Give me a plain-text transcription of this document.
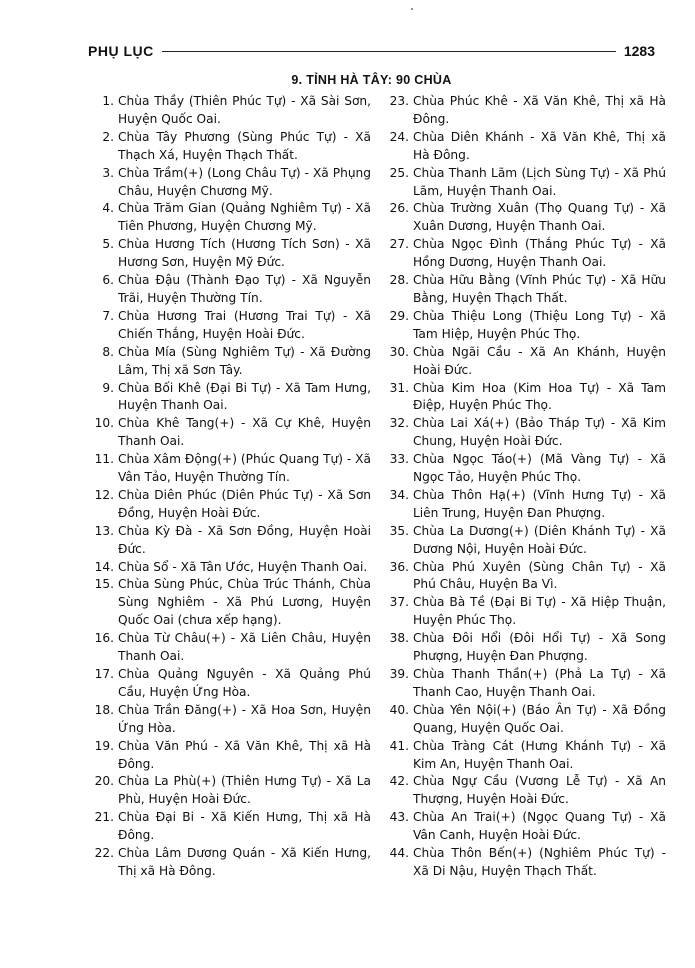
PHỤ LỤC	1283
9. TỈNH HÀ TÂY: 90 CHÙA
1. Chùa Thầy (Thiên Phúc Tự) - Xã Sài Sơn, Huyện Quốc Oai.
2. Chùa Tây Phương (Sùng Phúc Tự) - Xã Thạch Xá, Huyện Thạch Thất.
3. Chùa Trầm(+) (Long Châu Tự) - Xã Phụng Châu, Huyện Chương Mỹ.
4. Chùa Trăm Gian (Quảng Nghiêm Tự) - Xã Tiên Phương, Huyện Chương Mỹ.
5. Chùa Hương Tích (Hương Tích Sơn) - Xã Hương Sơn, Huyện Mỹ Đức.
6. Chùa Đậu (Thành Đạo Tự) - Xã Nguyễn Trãi, Huyện Thường Tín.
7. Chùa Hương Trai (Hương Trai Tự) - Xã Chiến Thắng, Huyện Hoài Đức.
8. Chùa Mía (Sùng Nghiêm Tự) - Xã Đường Lâm, Thị xã Sơn Tây.
9. Chùa Bối Khê (Đại Bi Tự) - Xã Tam Hưng, Huyện Thanh Oai.
10. Chùa Khê Tang(+) - Xã Cự Khê, Huyện Thanh Oai.
11. Chùa Xâm Động(+) (Phúc Quang Tự) - Xã Vân Tảo, Huyện Thường Tín.
12. Chùa Diên Phúc (Diên Phúc Tự) - Xã Sơn Đồng, Huyện Hoài Đức.
13. Chùa Kỳ Đà - Xã Sơn Đồng, Huyện Hoài Đức.
14. Chùa Sổ - Xã Tân Ước, Huyện Thanh Oai.
15. Chùa Sùng Phúc, Chùa Trúc Thánh, Chùa Sùng Nghiêm - Xã Phú Lương, Huyện Quốc Oai (chưa xếp hạng).
16. Chùa Từ Châu(+) - Xã Liên Châu, Huyện Thanh Oai.
17. Chùa Quảng Nguyên - Xã Quảng Phú Cầu, Huyện Ứng Hòa.
18. Chùa Trần Đăng(+) - Xã Hoa Sơn, Huyện Ứng Hòa.
19. Chùa Văn Phú - Xã Văn Khê, Thị xã Hà Đông.
20. Chùa La Phù(+) (Thiên Hưng Tự) - Xã La Phù, Huyện Hoài Đức.
21. Chùa Đại Bi - Xã Kiến Hưng, Thị xã Hà Đông.
22. Chùa Lâm Dương Quán - Xã Kiến Hưng, Thị xã Hà Đông.
23. Chùa Phúc Khê - Xã Văn Khê, Thị xã Hà Đông.
24. Chùa Diên Khánh - Xã Văn Khê, Thị xã Hà Đông.
25. Chùa Thanh Lãm (Lịch Sùng Tự) - Xã Phú Lãm, Huyện Thanh Oai.
26. Chùa Trường Xuân (Thọ Quang Tự) - Xã Xuân Dương, Huyện Thanh Oai.
27. Chùa Ngọc Đình (Thắng Phúc Tự) - Xã Hồng Dương, Huyện Thanh Oai.
28. Chùa Hữu Bằng (Vĩnh Phúc Tự) - Xã Hữu Bằng, Huyện Thạch Thất.
29. Chùa Thiệu Long (Thiệu Long Tự) - Xã Tam Hiệp, Huyện Phúc Thọ.
30. Chùa Ngãi Cầu - Xã An Khánh, Huyện Hoài Đức.
31. Chùa Kim Hoa (Kim Hoa Tự) - Xã Tam Điệp, Huyện Phúc Thọ.
32. Chùa Lai Xá(+) (Bảo Tháp Tự) - Xã Kim Chung, Huyện Hoài Đức.
33. Chùa Ngọc Táo(+) (Mã Vàng Tự) - Xã Ngọc Tảo, Huyện Phúc Thọ.
34. Chùa Thôn Hạ(+) (Vĩnh Hưng Tự) - Xã Liên Trung, Huyện Đan Phượng.
35. Chùa La Dương(+) (Diên Khánh Tự) - Xã Dương Nội, Huyện Hoài Đức.
36. Chùa Phú Xuyên (Sùng Chân Tự) - Xã Phú Châu, Huyện Ba Vì.
37. Chùa Bà Tề (Đại Bi Tự) - Xã Hiệp Thuận, Huyện Phúc Thọ.
38. Chùa Đôi Hổi (Đôi Hổi Tự) - Xã Song Phượng, Huyện Đan Phượng.
39. Chùa Thanh Thần(+) (Phả La Tự) - Xã Thanh Cao, Huyện Thanh Oai.
40. Chùa Yên Nội(+) (Báo Ân Tự) - Xã Đồng Quang, Huyện Quốc Oai.
41. Chùa Tràng Cát (Hưng Khánh Tự) - Xã Kim An, Huyện Thanh Oai.
42. Chùa Ngự Cầu (Vương Lễ Tự) - Xã An Thượng, Huyện Hoài Đức.
43. Chùa An Trai(+) (Ngọc Quang Tự) - Xã Vân Canh, Huyện Hoài Đức.
44. Chùa Thôn Bến(+) (Nghiêm Phúc Tự) - Xã Di Nậu, Huyện Thạch Thất.
